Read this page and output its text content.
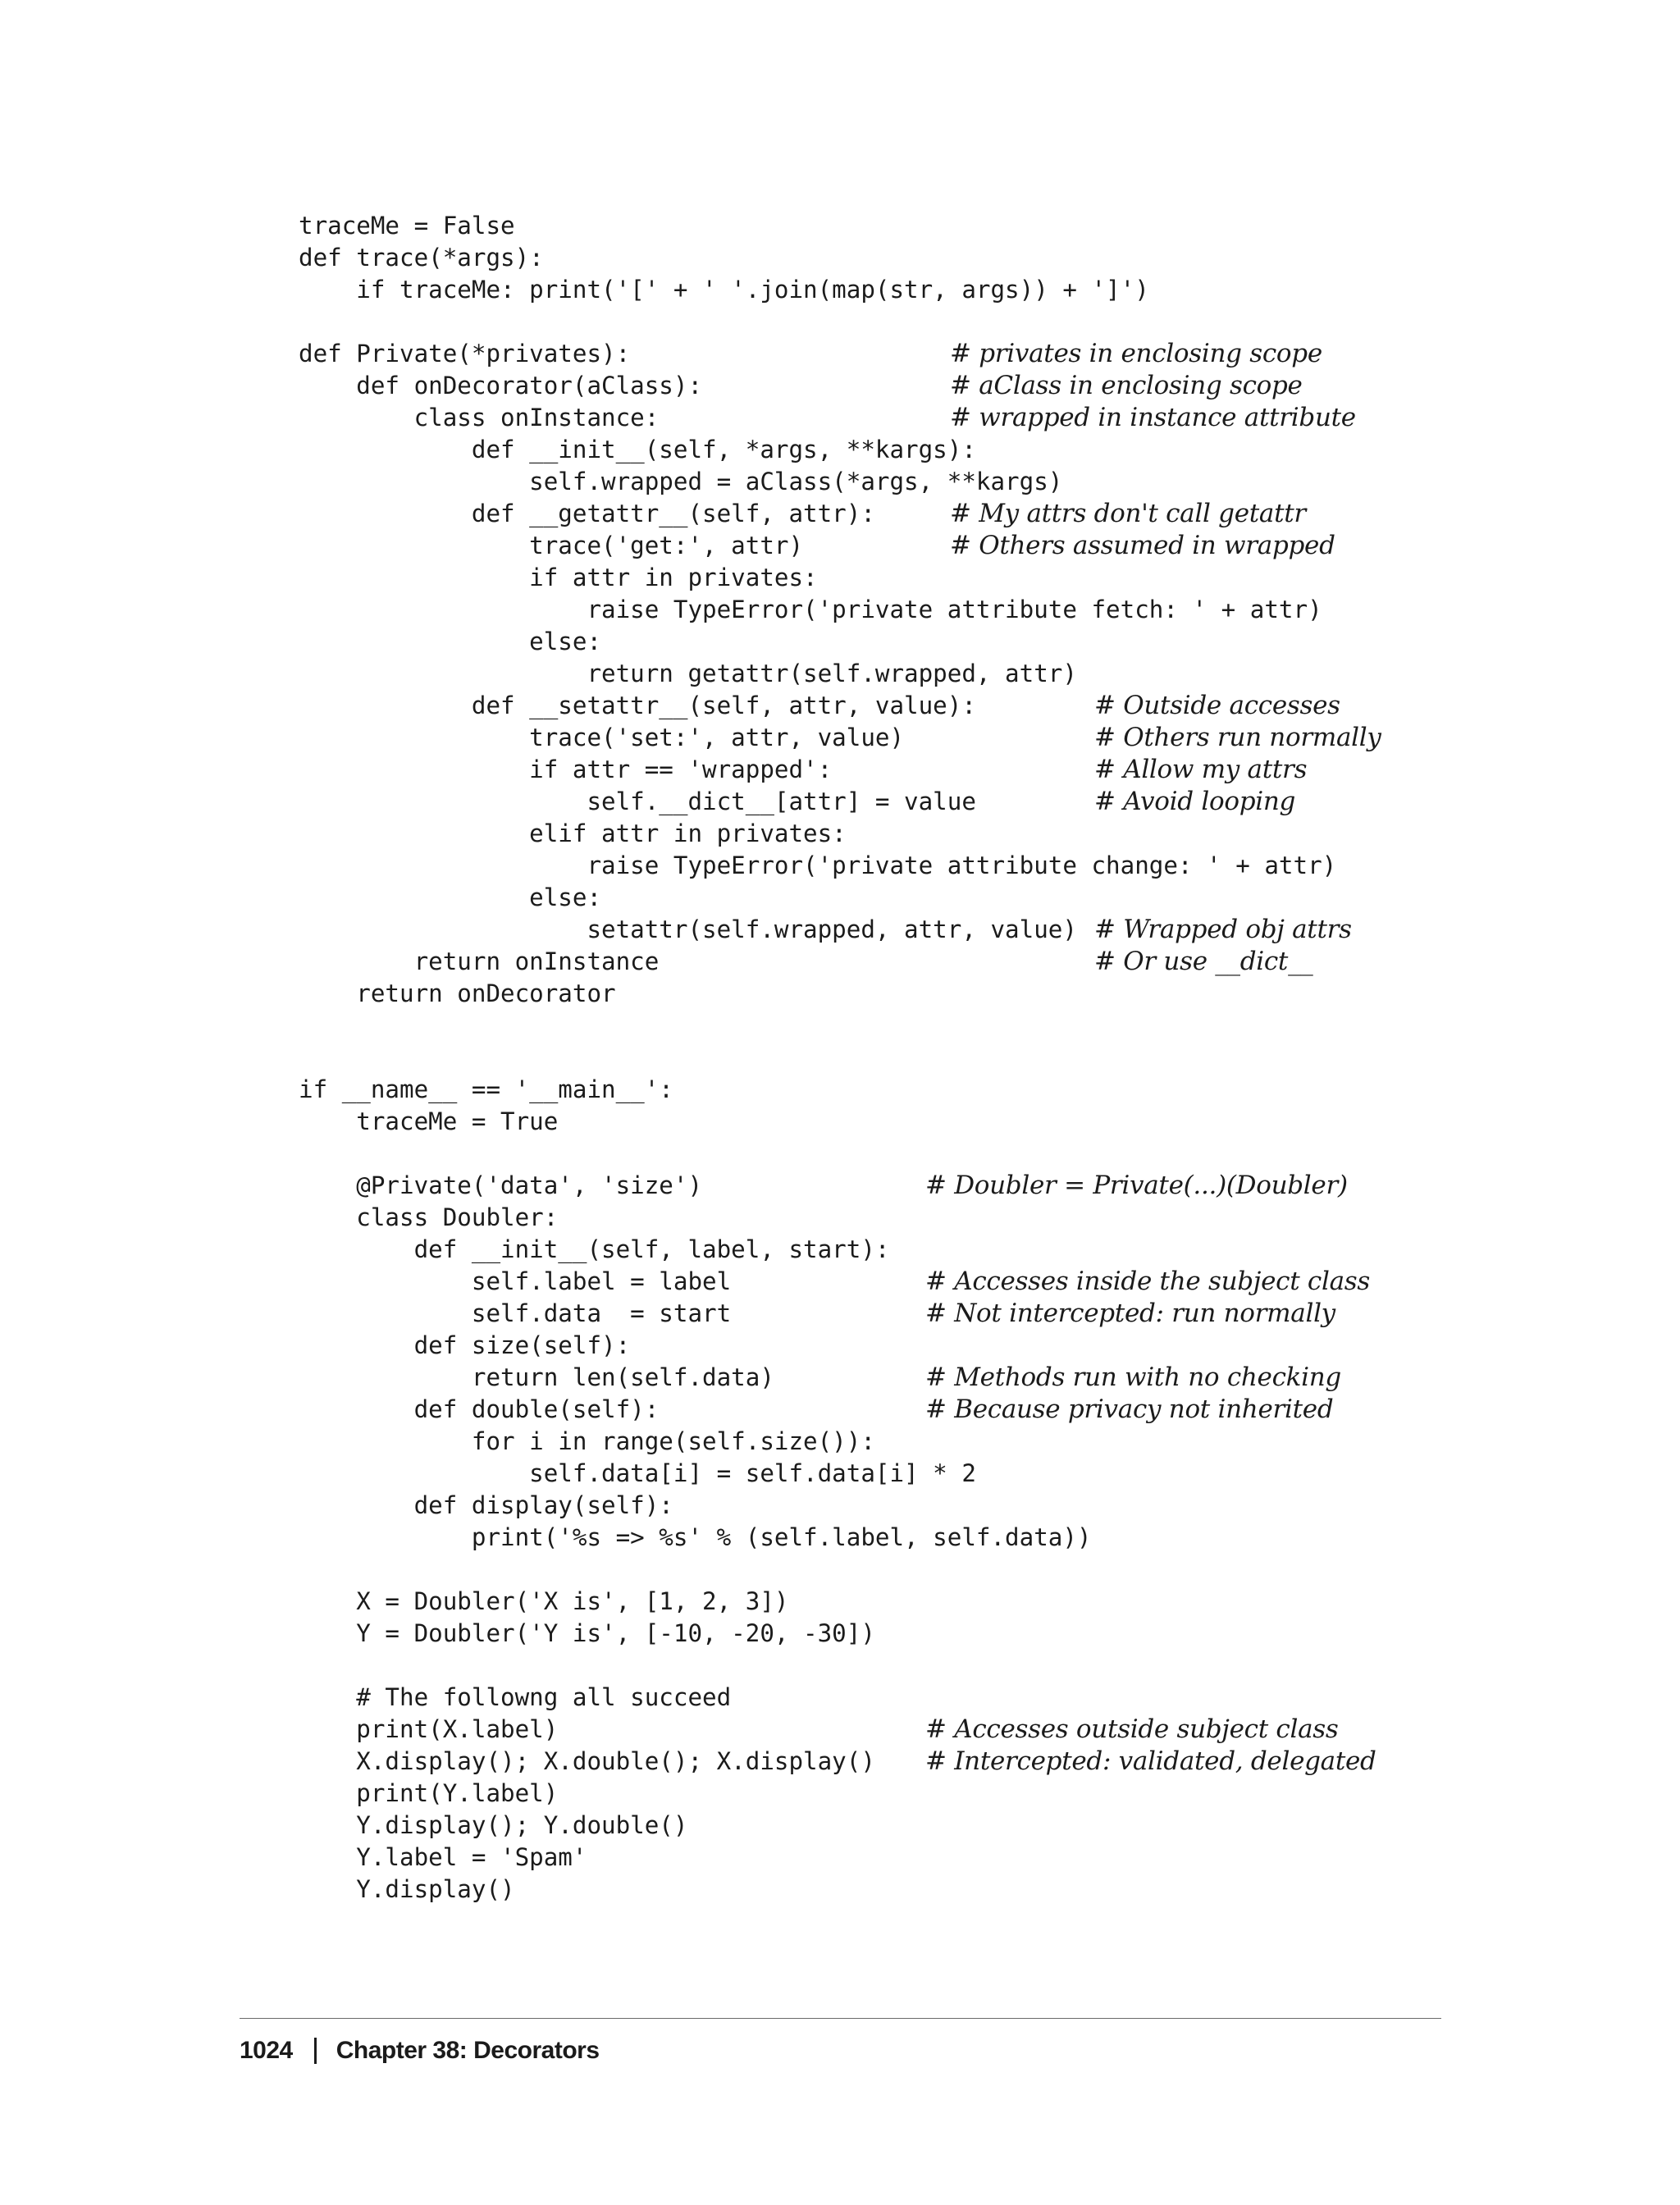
traceMe = False
def trace(*args):
if traceMe: print('[' + ' '.join(map(str, args)) + ']')
def Private(*privates):	# privates in enclosing scope
def onDecorator(aClass):	# aClass in enclosing scope
class onInstance:	# wrapped in instance attribute
def __init__(self, *args, **kargs):
self.wrapped = aClass(*args, **kargs)
def __getattr__(self, attr):	# My attrs don't call getattr
trace('get:', attr)	# Others assumed in wrapped
if attr in privates:
raise TypeError('private attribute fetch: ' + attr)
else:
return getattr(self.wrapped, attr)
def __setattr__(self, attr, value):	# Outside accesses
trace('set:', attr, value)	# Others run normally
if attr == 'wrapped':	# Allow my attrs
self.__dict__[attr] = value	# Avoid looping
elif attr in privates:
raise TypeError('private attribute change: ' + attr)
else:
setattr(self.wrapped, attr, value) # Wrapped obj attrs
return onInstance	# Or use __dict__
return onDecorator
if __name__ == '__main__':
traceMe = True
@Private('data', 'size')	# Doubler = Private(...)(Doubler)
class Doubler:
def __init__(self, label, start):
self.label = label	# Accesses inside the subject class
self.data  = start	# Not intercepted: run normally
def size(self):
return len(self.data)	# Methods run with no checking
def double(self):	# Because privacy not inherited
for i in range(self.size()):
self.data[i] = self.data[i] * 2
def display(self):
print('%s => %s' % (self.label, self.data))
X = Doubler('X is', [1, 2, 3])
Y = Doubler('Y is', [-10, -20, -30])
# The followng all succeed
print(X.label)	# Accesses outside subject class
X.display(); X.double(); X.display() # Intercepted: validated, delegated
print(Y.label)
Y.display(); Y.double()
Y.label = 'Spam'
Y.display()
1024 Chapter 38: Decorators
